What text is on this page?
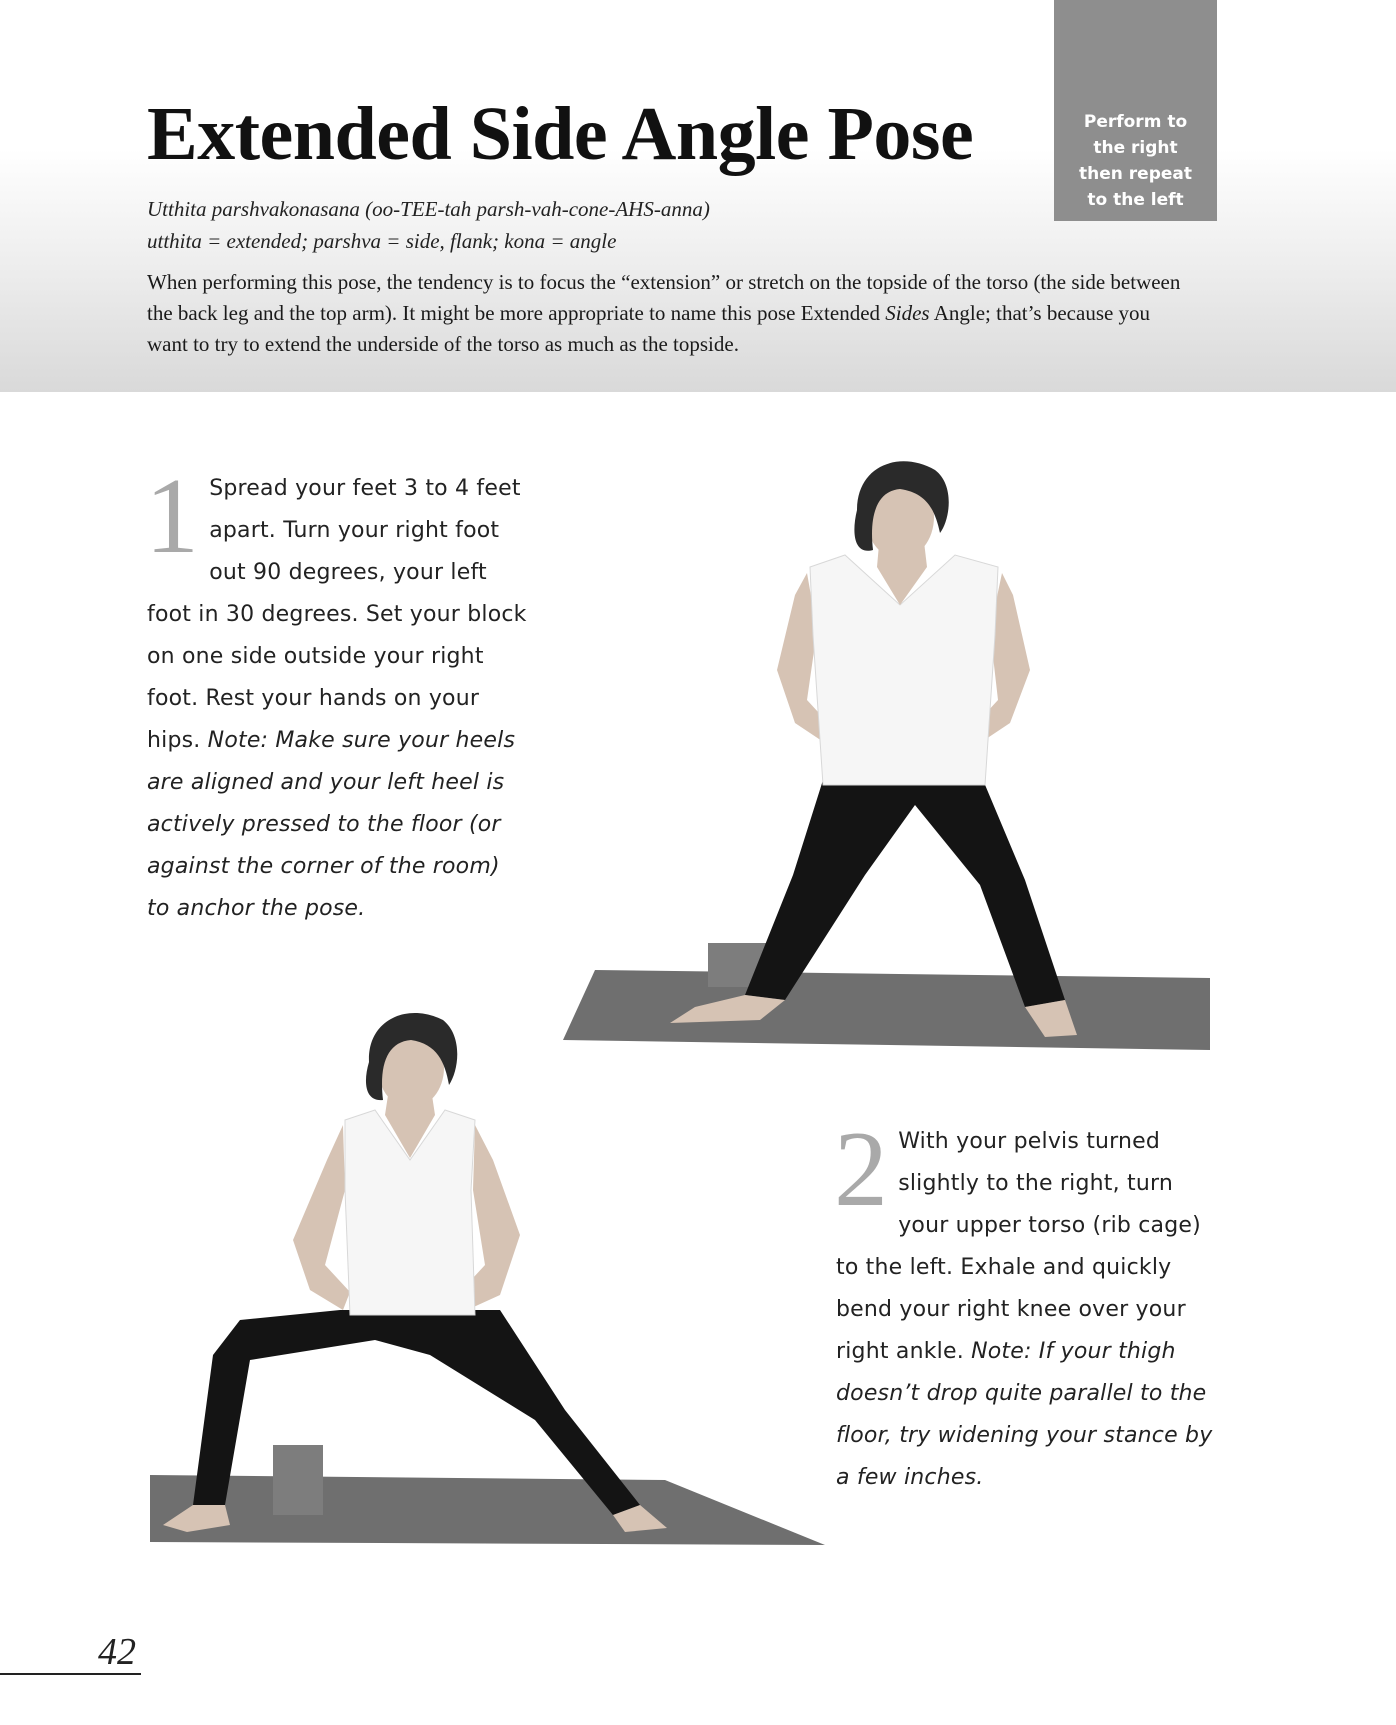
Perform to
the right
then repeat
to the left
Extended Side Angle Pose
Utthita parshvakonasana (oo-TEE-tah parsh-vah-cone-AHS-anna)
utthita = extended; parshva = side, flank; kona = angle

When performing this pose, the tendency is to focus the “extension” or stretch on the topside of the torso (the side between the back leg and the top arm). It might be more appropriate to name this pose Extended Sides Angle; that’s because you want to try to extend the underside of the torso as much as the topside.

1 Spread your feet 3 to 4 feet apart. Turn your right foot out 90 degrees, your left foot in 30 degrees. Set your block on one side outside your right foot. Rest your hands on your hips. Note: Make sure your heels are aligned and your left heel is actively pressed to the floor (or against the corner of the room) to anchor the pose.
2 With your pelvis turned slightly to the right, turn your upper torso (rib cage) to the left. Exhale and quickly bend your right knee over your right ankle. Note: If your thigh doesn’t drop quite parallel to the floor, try widening your stance by a few inches.
42
